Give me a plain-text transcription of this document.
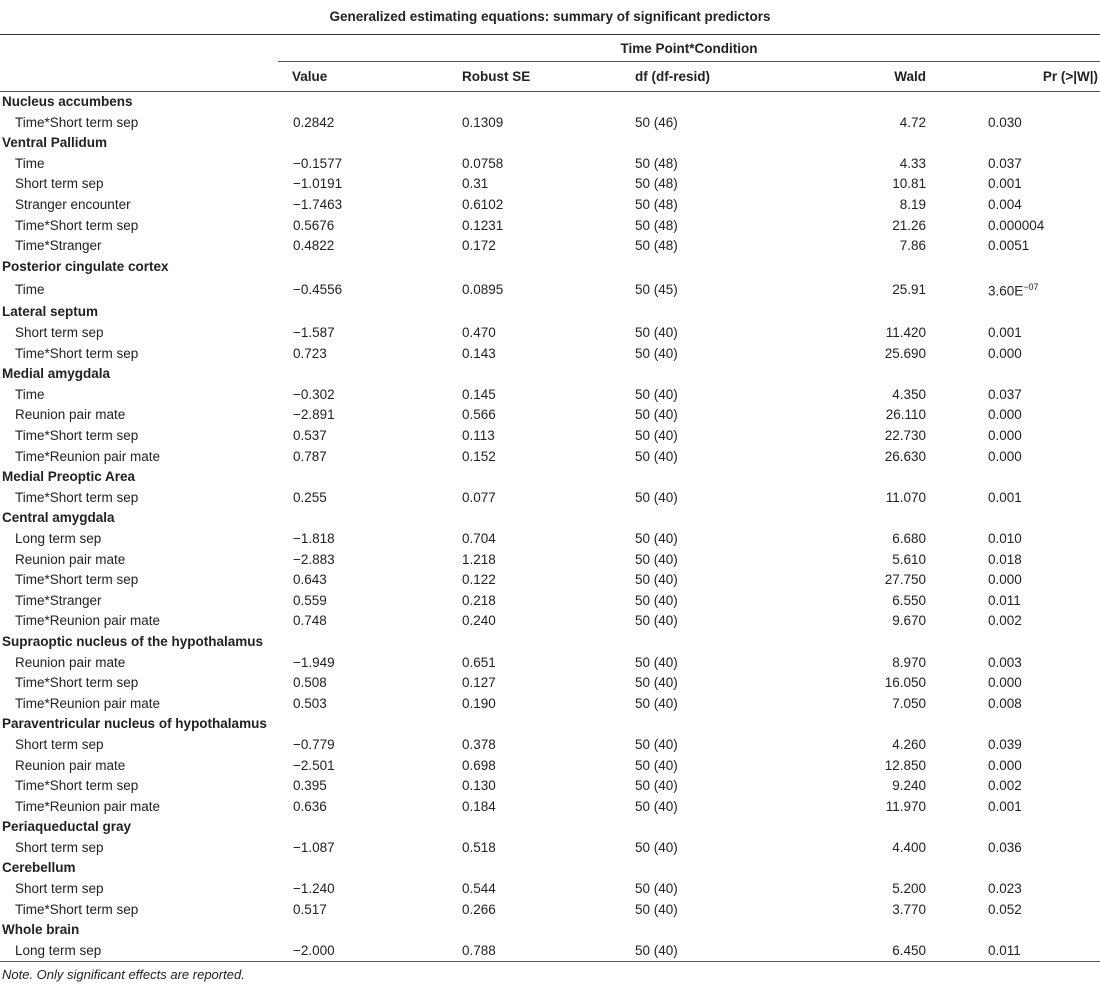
Generalized estimating equations: summary of significant predictors
Time Point*Condition
	Value	Robust SE	df (df-resid)	Wald	Pr (>|W|)

Nucleus accumbens					
Time*Short term sep	0.2842	0.1309	50 (46)	4.72	0.030
Ventral Pallidum					
Time	−0.1577	0.0758	50 (48)	4.33	0.037
Short term sep	−1.0191	0.31	50 (48)	10.81	0.001
Stranger encounter	−1.7463	0.6102	50 (48)	8.19	0.004
Time*Short term sep	0.5676	0.1231	50 (48)	21.26	0.000004
Time*Stranger	0.4822	0.172	50 (48)	7.86	0.0051
Posterior cingulate cortex					
Time	−0.4556	0.0895	50 (45)	25.91	$3.60E^{-07}$
Lateral septum					
Short term sep	−1.587	0.470	50 (40)	11.420	0.001
Time*Short term sep	0.723	0.143	50 (40)	25.690	0.000
Medial amygdala					
Time	−0.302	0.145	50 (40)	4.350	0.037
Reunion pair mate	−2.891	0.566	50 (40)	26.110	0.000
Time*Short term sep	0.537	0.113	50 (40)	22.730	0.000
Time*Reunion pair mate	0.787	0.152	50 (40)	26.630	0.000
Medial Preoptic Area					
Time*Short term sep	0.255	0.077	50 (40)	11.070	0.001
Central amygdala					
Long term sep	−1.818	0.704	50 (40)	6.680	0.010
Reunion pair mate	−2.883	1.218	50 (40)	5.610	0.018
Time*Short term sep	0.643	0.122	50 (40)	27.750	0.000
Time*Stranger	0.559	0.218	50 (40)	6.550	0.011
Time*Reunion pair mate	0.748	0.240	50 (40)	9.670	0.002
Supraoptic nucleus of the hypothalamus					
Reunion pair mate	−1.949	0.651	50 (40)	8.970	0.003
Time*Short term sep	0.508	0.127	50 (40)	16.050	0.000
Time*Reunion pair mate	0.503	0.190	50 (40)	7.050	0.008
Paraventricular nucleus of hypothalamus					
Short term sep	−0.779	0.378	50 (40)	4.260	0.039
Reunion pair mate	−2.501	0.698	50 (40)	12.850	0.000
Time*Short term sep	0.395	0.130	50 (40)	9.240	0.002
Time*Reunion pair mate	0.636	0.184	50 (40)	11.970	0.001
Periaqueductal gray					
Short term sep	−1.087	0.518	50 (40)	4.400	0.036
Cerebellum					
Short term sep	−1.240	0.544	50 (40)	5.200	0.023
Time*Short term sep	0.517	0.266	50 (40)	3.770	0.052
Whole brain					
Long term sep	−2.000	0.788	50 (40)	6.450	0.011
Note. Only significant effects are reported.
